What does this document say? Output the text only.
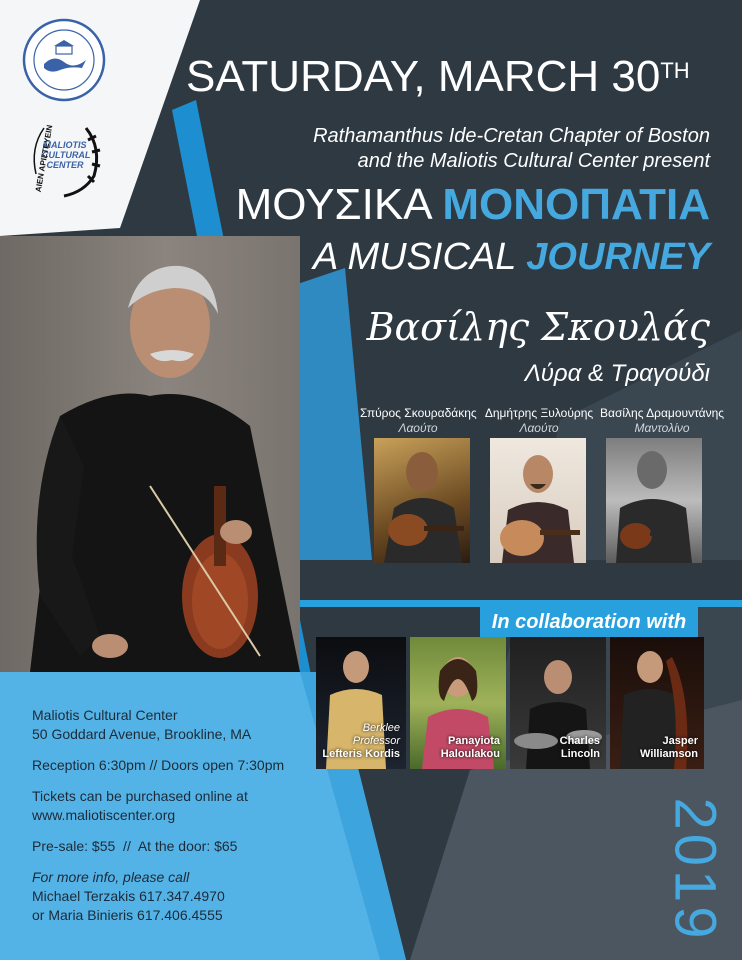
MALIOTIS
CULTURAL
CENTER
ΑΙΕΝ ΑΡΙΣΤΕΥΕΙΝ
SATURDAY, MARCH 30TH
Rathamanthus Ide-Cretan Chapter of Boston
and the Maliotis Cultural Center present
ΜΟΥΣΙΚΑ ΜΟΝΟΠΑΤΙΑ
A MUSICAL JOURNEY
Βασίλης Σκουλάς
Λύρα & Τραγούδι
Σπύρος Σκουραδάκης
Λαούτο
Δημήτρης Ξυλούρης
Λαούτο
Βασίλης Δραμουντάνης
Μαντολίνο
In collaboration with
Berklee Professor
Lefteris Kordis
Panayiota Haloulakou
Charles Lincoln
Jasper Williamson

Maliotis Cultural Center
50 Goddard Avenue, Brookline, MA

Reception 6:30pm // Doors open 7:30pm

Tickets can be purchased online at
www.maliotiscenter.org

Pre-sale: $55  //  At the door: $65

For more info, please call
Michael Terzakis 617.347.4970
or Maria Binieris 617.406.4555	2019
